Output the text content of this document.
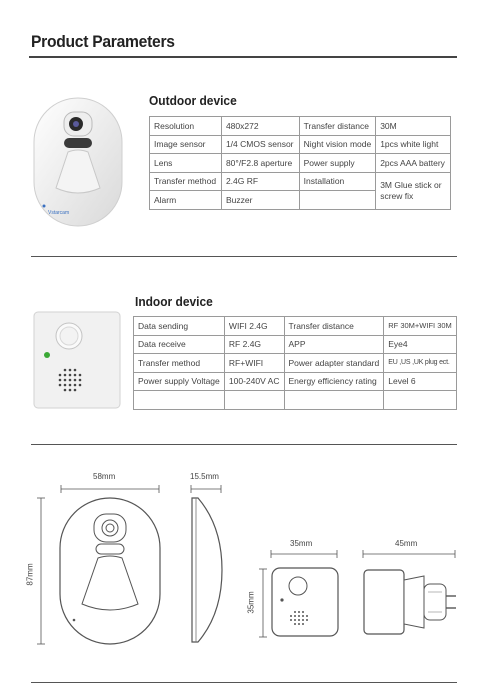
Product Parameters
Vstarcam
Outdoor device
Resolution	480x272	Transfer distance	30M
Image sensor	1/4 CMOS sensor	Night vision mode	1pcs white light
Lens	80°/F2.8 aperture	Power supply	2pcs AAA battery
Transfer method	2.4G RF	Installation	3M Glue stick or screw fix
Alarm	Buzzer		
Indoor device
Data sending	WIFI 2.4G	Transfer distance	RF 30M+WIFI 30M
Data receive	RF 2.4G	APP	Eye4
Transfer method	RF+WIFI	Power adapter standard	EU ,US ,UK plug ect.
Power supply Voltage	100-240V AC	Energy efficiency rating	Level 6

58mm
87mm
15.5mm
35mm
35mm
45mm
